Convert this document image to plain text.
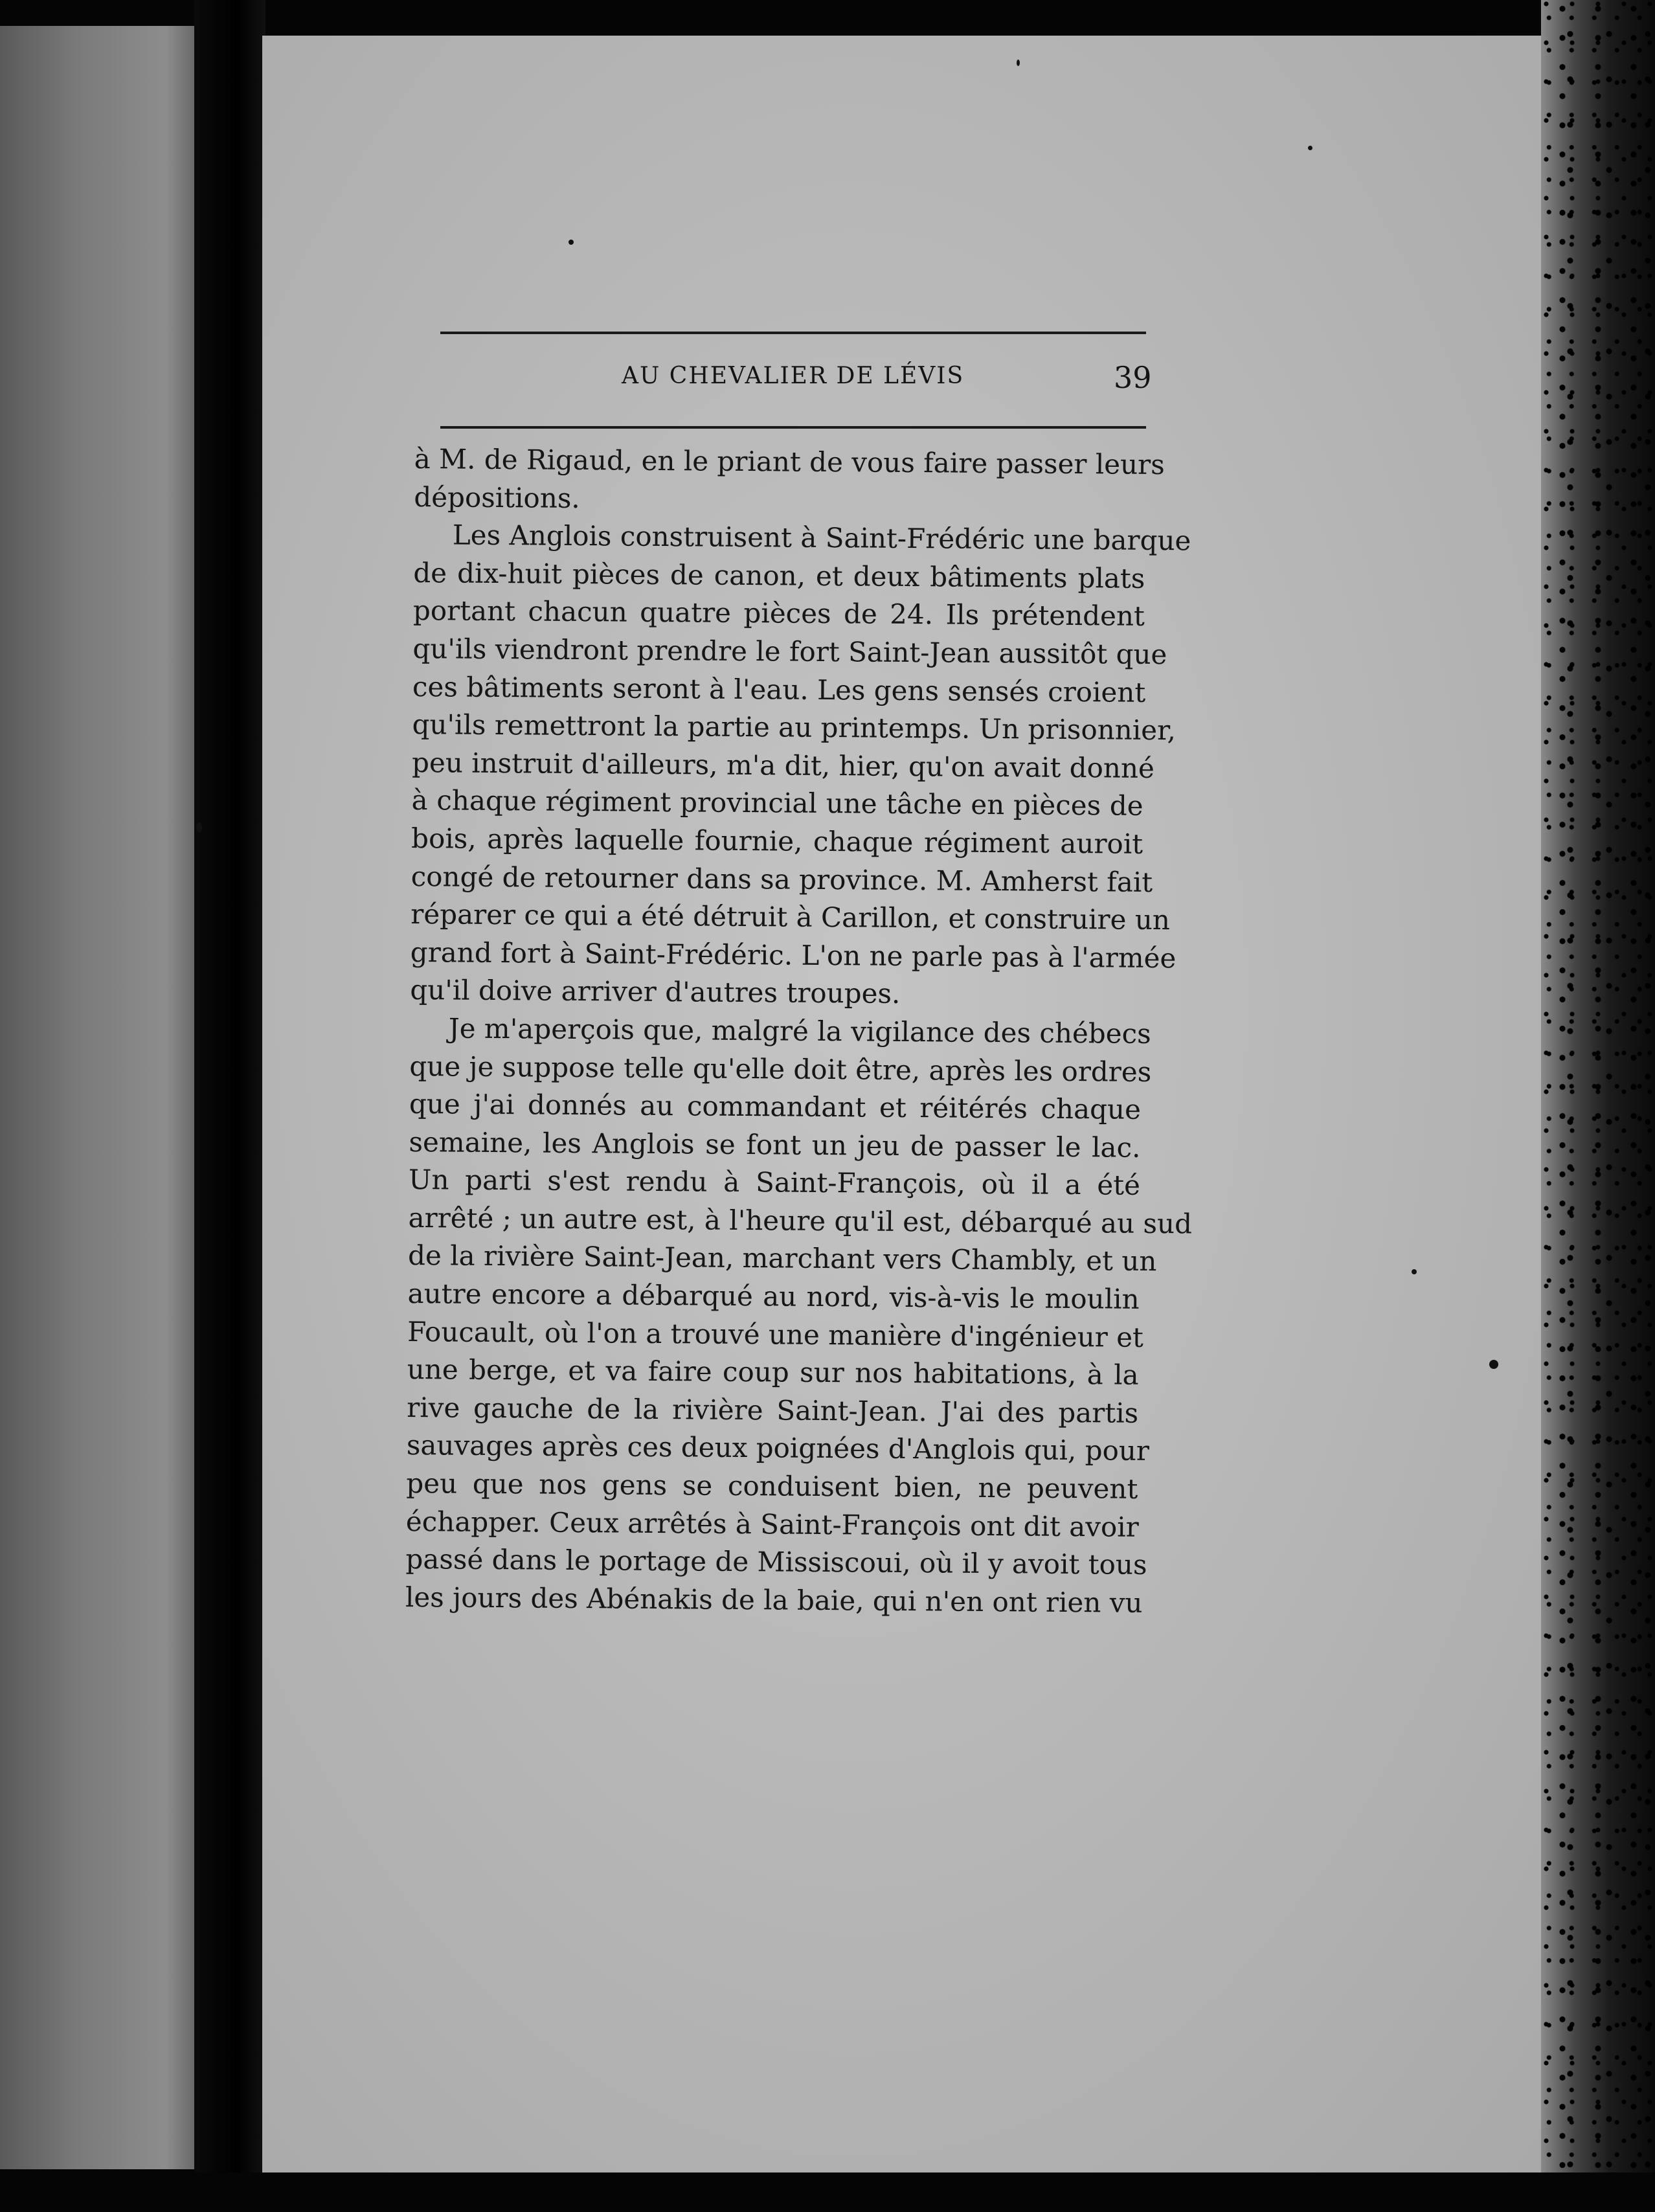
AU CHEVALIER DE LÉVIS	39
à M. de Rigaud, en le priant de vous faire passer leurs
dépositions.
Les Anglois construisent à Saint-Frédéric une barque
de dix-huit pièces de canon, et deux bâtiments plats
portant chacun quatre pièces de 24. Ils prétendent
qu'ils viendront prendre le fort Saint-Jean aussitôt que
ces bâtiments seront à l'eau. Les gens sensés croient
qu'ils remettront la partie au printemps. Un prisonnier,
peu instruit d'ailleurs, m'a dit, hier, qu'on avait donné
à chaque régiment provincial une tâche en pièces de
bois, après laquelle fournie, chaque régiment auroit
congé de retourner dans sa province. M. Amherst fait
réparer ce qui a été détruit à Carillon, et construire un
grand fort à Saint-Frédéric. L'on ne parle pas à l'armée
qu'il doive arriver d'autres troupes.
Je m'aperçois que, malgré la vigilance des chébecs
que je suppose telle qu'elle doit être, après les ordres
que j'ai donnés au commandant et réitérés chaque
semaine, les Anglois se font un jeu de passer le lac.
Un parti s'est rendu à Saint-François, où il a été
arrêté ; un autre est, à l'heure qu'il est, débarqué au sud
de la rivière Saint-Jean, marchant vers Chambly, et un
autre encore a débarqué au nord, vis-à-vis le moulin
Foucault, où l'on a trouvé une manière d'ingénieur et
une berge, et va faire coup sur nos habitations, à la
rive gauche de la rivière Saint-Jean. J'ai des partis
sauvages après ces deux poignées d'Anglois qui, pour
peu que nos gens se conduisent bien, ne peuvent
échapper. Ceux arrêtés à Saint-François ont dit avoir
passé dans le portage de Missiscoui, où il y avoit tous
les jours des Abénakis de la baie, qui n'en ont rien vu
